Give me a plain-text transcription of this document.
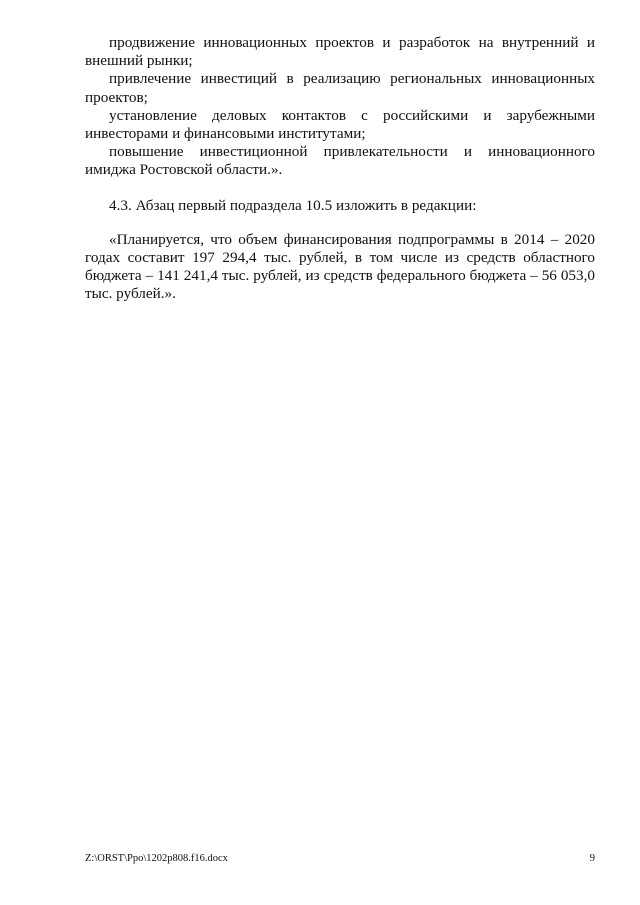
продвижение инновационных проектов и разработок на внутренний и внешний рынки;

привлечение инвестиций в реализацию региональных инновационных проектов;

установление деловых контактов с российскими и зарубежными инвесторами и финансовыми институтами;

повышение инвестиционной привлекательности и инновационного имиджа Ростовской области.».

4.3. Абзац первый подраздела 10.5 изложить в редакции:

«Планируется, что объем финансирования подпрограммы в 2014 – 2020 годах составит 197 294,4 тыс. рублей, в том числе из средств областного бюджета – 141 241,4 тыс. рублей, из средств федерального бюджета – 56 053,0 тыс. рублей.».

Z:\ORST\Ppo\1202p808.f16.docx	9
